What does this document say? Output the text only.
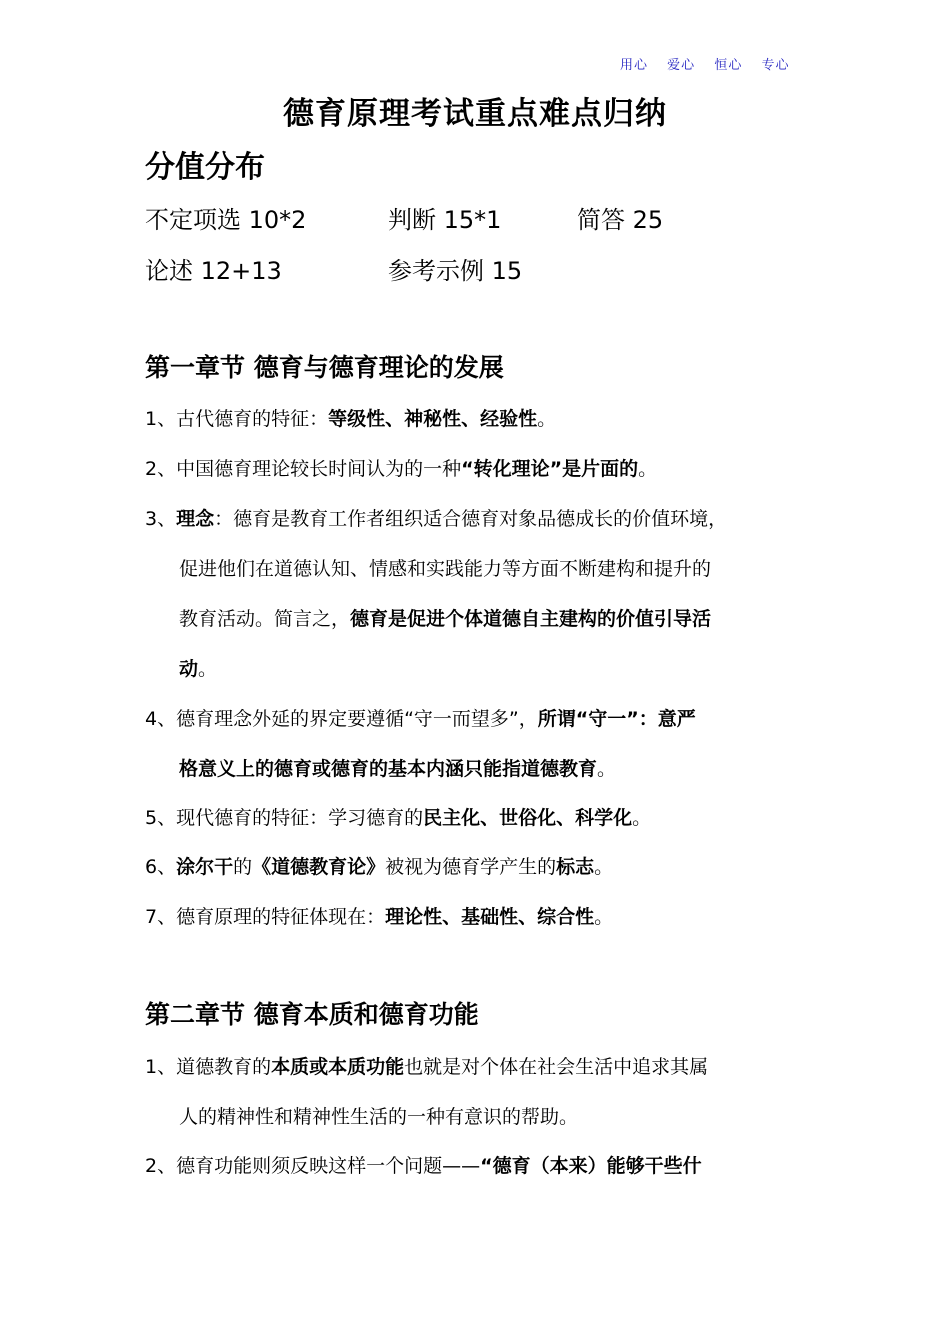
用心 爱心 恒心 专心
德育原理考试重点难点归纳
分值分布
不定项选 10*2	判断 15*1	简答 25
论述 12+13	参考示例 15
第一章节 德育与德育理论的发展
1、古代德育的特征：等级性、神秘性、经验性。
2、中国德育理论较长时间认为的一种“转化理论”是片面的。
3、理念：德育是教育工作者组织适合德育对象品德成长的价值环境，
促进他们在道德认知、情感和实践能力等方面不断建构和提升的
教育活动。简言之，德育是促进个体道德自主建构的价值引导活
动。
4、德育理念外延的界定要遵循“守一而望多”，所谓“守一”：意严
格意义上的德育或德育的基本内涵只能指道德教育。
5、现代德育的特征：学习德育的民主化、世俗化、科学化。
6、涂尔干的《道德教育论》被视为德育学产生的标志。
7、德育原理的特征体现在：理论性、基础性、综合性。
第二章节 德育本质和德育功能
1、道德教育的本质或本质功能也就是对个体在社会生活中追求其属
人的精神性和精神性生活的一种有意识的帮助。
2、德育功能则须反映这样一个问题——“德育（本来）能够干些什
